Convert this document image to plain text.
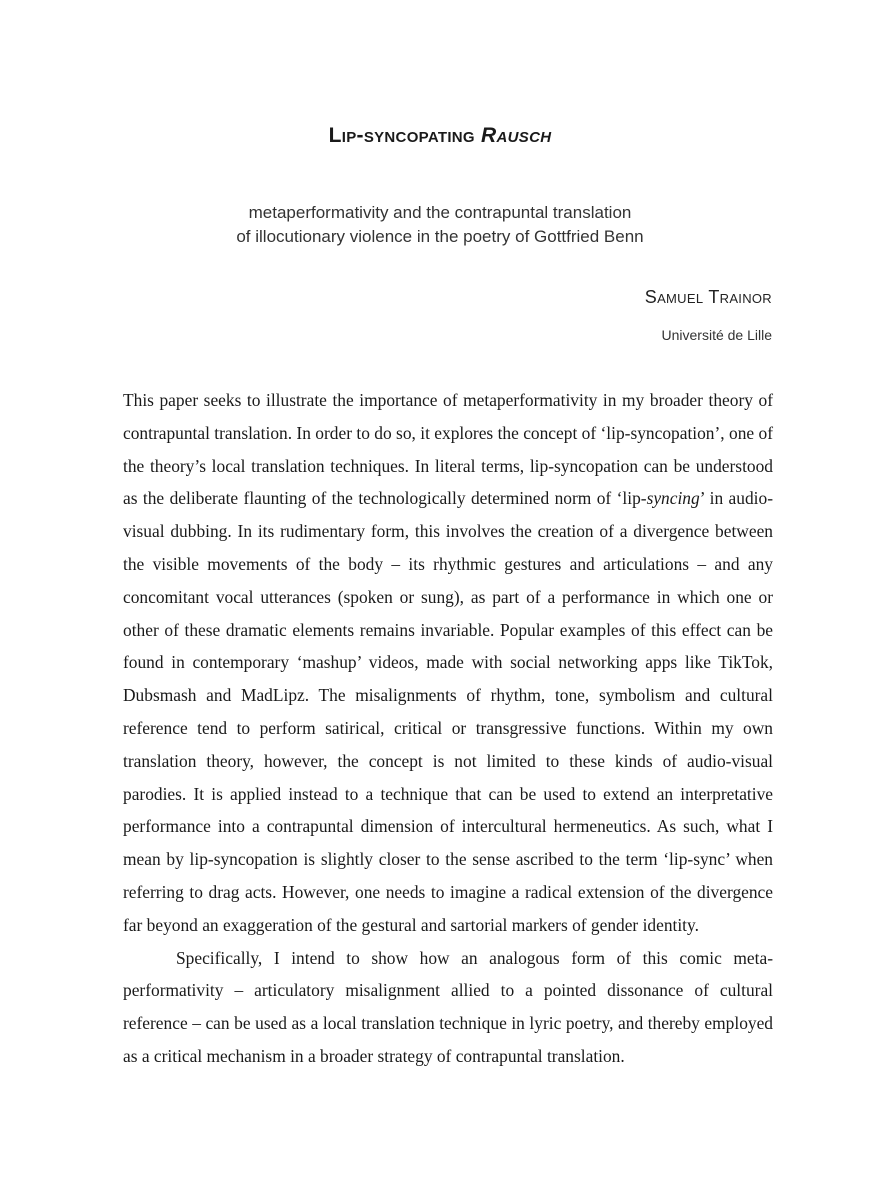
Lip-syncopating Rausch
metaperformativity and the contrapuntal translation
of illocutionary violence in the poetry of Gottfried Benn
Samuel Trainor
Université de Lille

This paper seeks to illustrate the importance of metaperformativity in my broader theory of contrapuntal translation. In order to do so, it explores the concept of ‘lip-syncopation’, one of the theory’s local translation techniques. In literal terms, lip-syncopation can be understood as the deliberate flaunting of the technologically determined norm of ‘lip-syncing’ in audio-visual dubbing. In its rudimentary form, this involves the creation of a divergence between the visible movements of the body – its rhythmic gestures and articulations – and any concomitant vocal utterances (spoken or sung), as part of a performance in which one or other of these dramatic elements remains invariable. Popular examples of this effect can be found in contemporary ‘mashup’ videos, made with social networking apps like TikTok, Dubsmash and MadLipz. The misalignments of rhythm, tone, symbolism and cultural reference tend to perform satirical, critical or transgressive functions. Within my own translation theory, however, the concept is not limited to these kinds of audio-visual parodies. It is applied instead to a technique that can be used to extend an interpretative performance into a contrapuntal dimension of intercultural hermeneutics. As such, what I mean by lip-syncopation is slightly closer to the sense ascribed to the term ‘lip-sync’ when referring to drag acts. However, one needs to imagine a radical extension of the divergence far beyond an exaggeration of the gestural and sartorial markers of gender identity.

Specifically, I intend to show how an analogous form of this comic meta-performativity – articulatory misalignment allied to a pointed dissonance of cultural reference – can be used as a local translation technique in lyric poetry, and thereby employed as a critical mechanism in a broader strategy of contrapuntal translation.
